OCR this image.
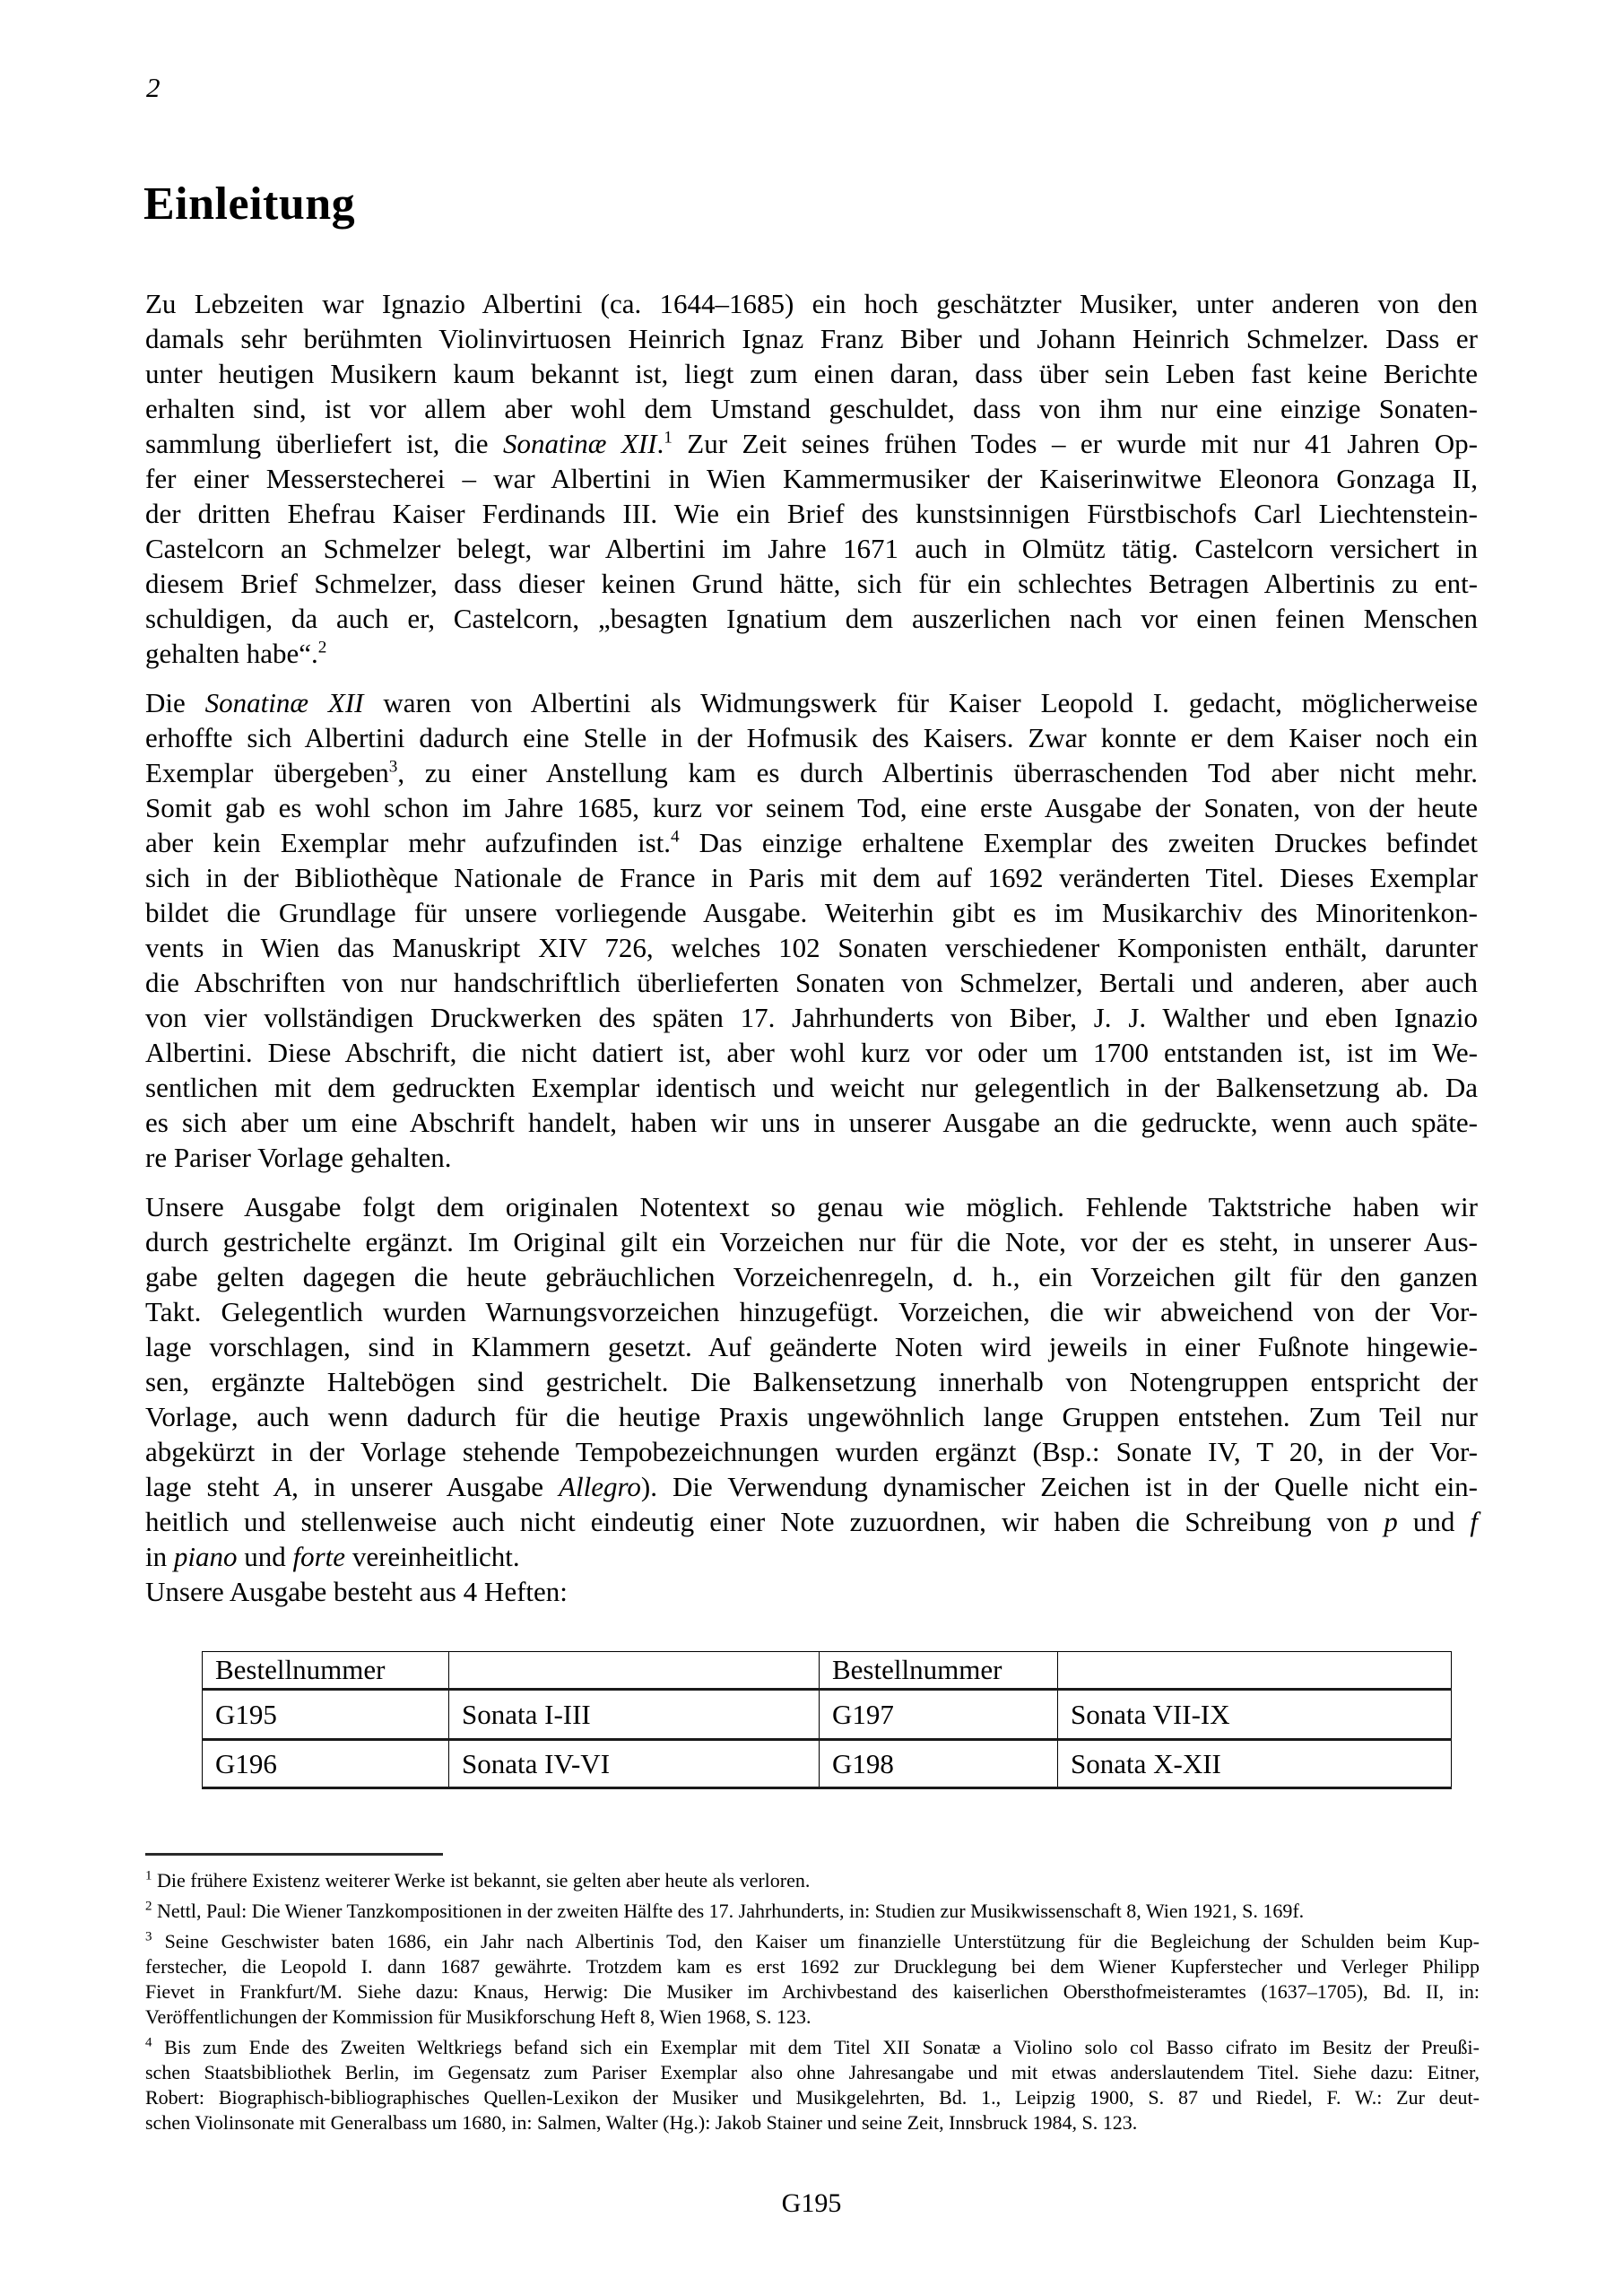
2
Einleitung
Zu Lebzeiten war Ignazio Albertini (ca. 1644–1685) ein hoch geschätzter Musiker, unter anderen von den
damals sehr berühmten Violinvirtuosen Heinrich Ignaz Franz Biber und Johann Heinrich Schmelzer. Dass er
unter heutigen Musikern kaum bekannt ist, liegt zum einen daran, dass über sein Leben fast keine Berichte
erhalten sind, ist vor allem aber wohl dem Umstand geschuldet, dass von ihm nur eine einzige Sonaten-
sammlung überliefert ist, die Sonatinæ XII.$^1$ Zur Zeit seines frühen Todes – er wurde mit nur 41 Jahren Op-
fer einer Messerstecherei – war Albertini in Wien Kammermusiker der Kaiserinwitwe Eleonora Gonzaga II,
der dritten Ehefrau Kaiser Ferdinands III. Wie ein Brief des kunstsinnigen Fürstbischofs Carl Liechtenstein-
Castelcorn an Schmelzer belegt, war Albertini im Jahre 1671 auch in Olmütz tätig. Castelcorn versichert in
diesem Brief Schmelzer, dass dieser keinen Grund hätte, sich für ein schlechtes Betragen Albertinis zu ent-
schuldigen, da auch er, Castelcorn, „besagten Ignatium dem auszerlichen nach vor einen feinen Menschen
gehalten habe“.$^2$
Die Sonatinæ XII waren von Albertini als Widmungswerk für Kaiser Leopold I. gedacht, möglicherweise
erhoffte sich Albertini dadurch eine Stelle in der Hofmusik des Kaisers. Zwar konnte er dem Kaiser noch ein
Exemplar übergeben$^3$, zu einer Anstellung kam es durch Albertinis überraschenden Tod aber nicht mehr.
Somit gab es wohl schon im Jahre 1685, kurz vor seinem Tod, eine erste Ausgabe der Sonaten, von der heute
aber kein Exemplar mehr aufzufinden ist.$^4$ Das einzige erhaltene Exemplar des zweiten Druckes befindet
sich in der Bibliothèque Nationale de France in Paris mit dem auf 1692 veränderten Titel. Dieses Exemplar
bildet die Grundlage für unsere vorliegende Ausgabe. Weiterhin gibt es im Musikarchiv des Minoritenkon-
vents in Wien das Manuskript XIV 726, welches 102 Sonaten verschiedener Komponisten enthält, darunter
die Abschriften von nur handschriftlich überlieferten Sonaten von Schmelzer, Bertali und anderen, aber auch
von vier vollständigen Druckwerken des späten 17. Jahrhunderts von Biber, J. J. Walther und eben Ignazio
Albertini. Diese Abschrift, die nicht datiert ist, aber wohl kurz vor oder um 1700 entstanden ist, ist im We-
sentlichen mit dem gedruckten Exemplar identisch und weicht nur gelegentlich in der Balkensetzung ab. Da
es sich aber um eine Abschrift handelt, haben wir uns in unserer Ausgabe an die gedruckte, wenn auch späte-
re Pariser Vorlage gehalten.
Unsere Ausgabe folgt dem originalen Notentext so genau wie möglich. Fehlende Taktstriche haben wir
durch gestrichelte ergänzt. Im Original gilt ein Vorzeichen nur für die Note, vor der es steht, in unserer Aus-
gabe gelten dagegen die heute gebräuchlichen Vorzeichenregeln, d. h., ein Vorzeichen gilt für den ganzen
Takt. Gelegentlich wurden Warnungsvorzeichen hinzugefügt. Vorzeichen, die wir abweichend von der Vor-
lage vorschlagen, sind in Klammern gesetzt. Auf geänderte Noten wird jeweils in einer Fußnote hingewie-
sen, ergänzte Haltebögen sind gestrichelt. Die Balkensetzung innerhalb von Notengruppen entspricht der
Vorlage, auch wenn dadurch für die heutige Praxis ungewöhnlich lange Gruppen entstehen. Zum Teil nur
abgekürzt in der Vorlage stehende Tempobezeichnungen wurden ergänzt (Bsp.: Sonate IV, T 20, in der Vor-
lage steht A, in unserer Ausgabe Allegro). Die Verwendung dynamischer Zeichen ist in der Quelle nicht ein-
heitlich und stellenweise auch nicht eindeutig einer Note zuzuordnen, wir haben die Schreibung von p und f
in piano und forte vereinheitlicht.
Unsere Ausgabe besteht aus 4 Heften:
Bestellnummer		Bestellnummer	
G195	Sonata I-III	G197	Sonata VII-IX
G196	Sonata IV-VI	G198	Sonata X-XII
$^1$ Die frühere Existenz weiterer Werke ist bekannt, sie gelten aber heute als verloren.
$^2$ Nettl, Paul: Die Wiener Tanzkompositionen in der zweiten Hälfte des 17. Jahrhunderts, in: Studien zur Musikwissenschaft 8, Wien 1921, S. 169f.
$^3$ Seine Geschwister baten 1686, ein Jahr nach Albertinis Tod, den Kaiser um finanzielle Unterstützung für die Begleichung der Schulden beim Kup-
ferstecher, die Leopold I. dann 1687 gewährte. Trotzdem kam es erst 1692 zur Drucklegung bei dem Wiener Kupferstecher und Verleger Philipp
Fievet in Frankfurt/M. Siehe dazu: Knaus, Herwig: Die Musiker im Archivbestand des kaiserlichen Obersthofmeisteramtes (1637–1705), Bd. II, in:
Veröffentlichungen der Kommission für Musikforschung Heft 8, Wien 1968, S. 123.
$^4$ Bis zum Ende des Zweiten Weltkriegs befand sich ein Exemplar mit dem Titel XII Sonatæ a Violino solo col Basso cifrato im Besitz der Preußi-
schen Staatsbibliothek Berlin, im Gegensatz zum Pariser Exemplar also ohne Jahresangabe und mit etwas anderslautendem Titel. Siehe dazu: Eitner,
Robert: Biographisch-bibliographisches Quellen-Lexikon der Musiker und Musikgelehrten, Bd. 1., Leipzig 1900, S. 87 und Riedel, F. W.: Zur deut-
schen Violinsonate mit Generalbass um 1680, in: Salmen, Walter (Hg.): Jakob Stainer und seine Zeit, Innsbruck 1984, S. 123.
G195
